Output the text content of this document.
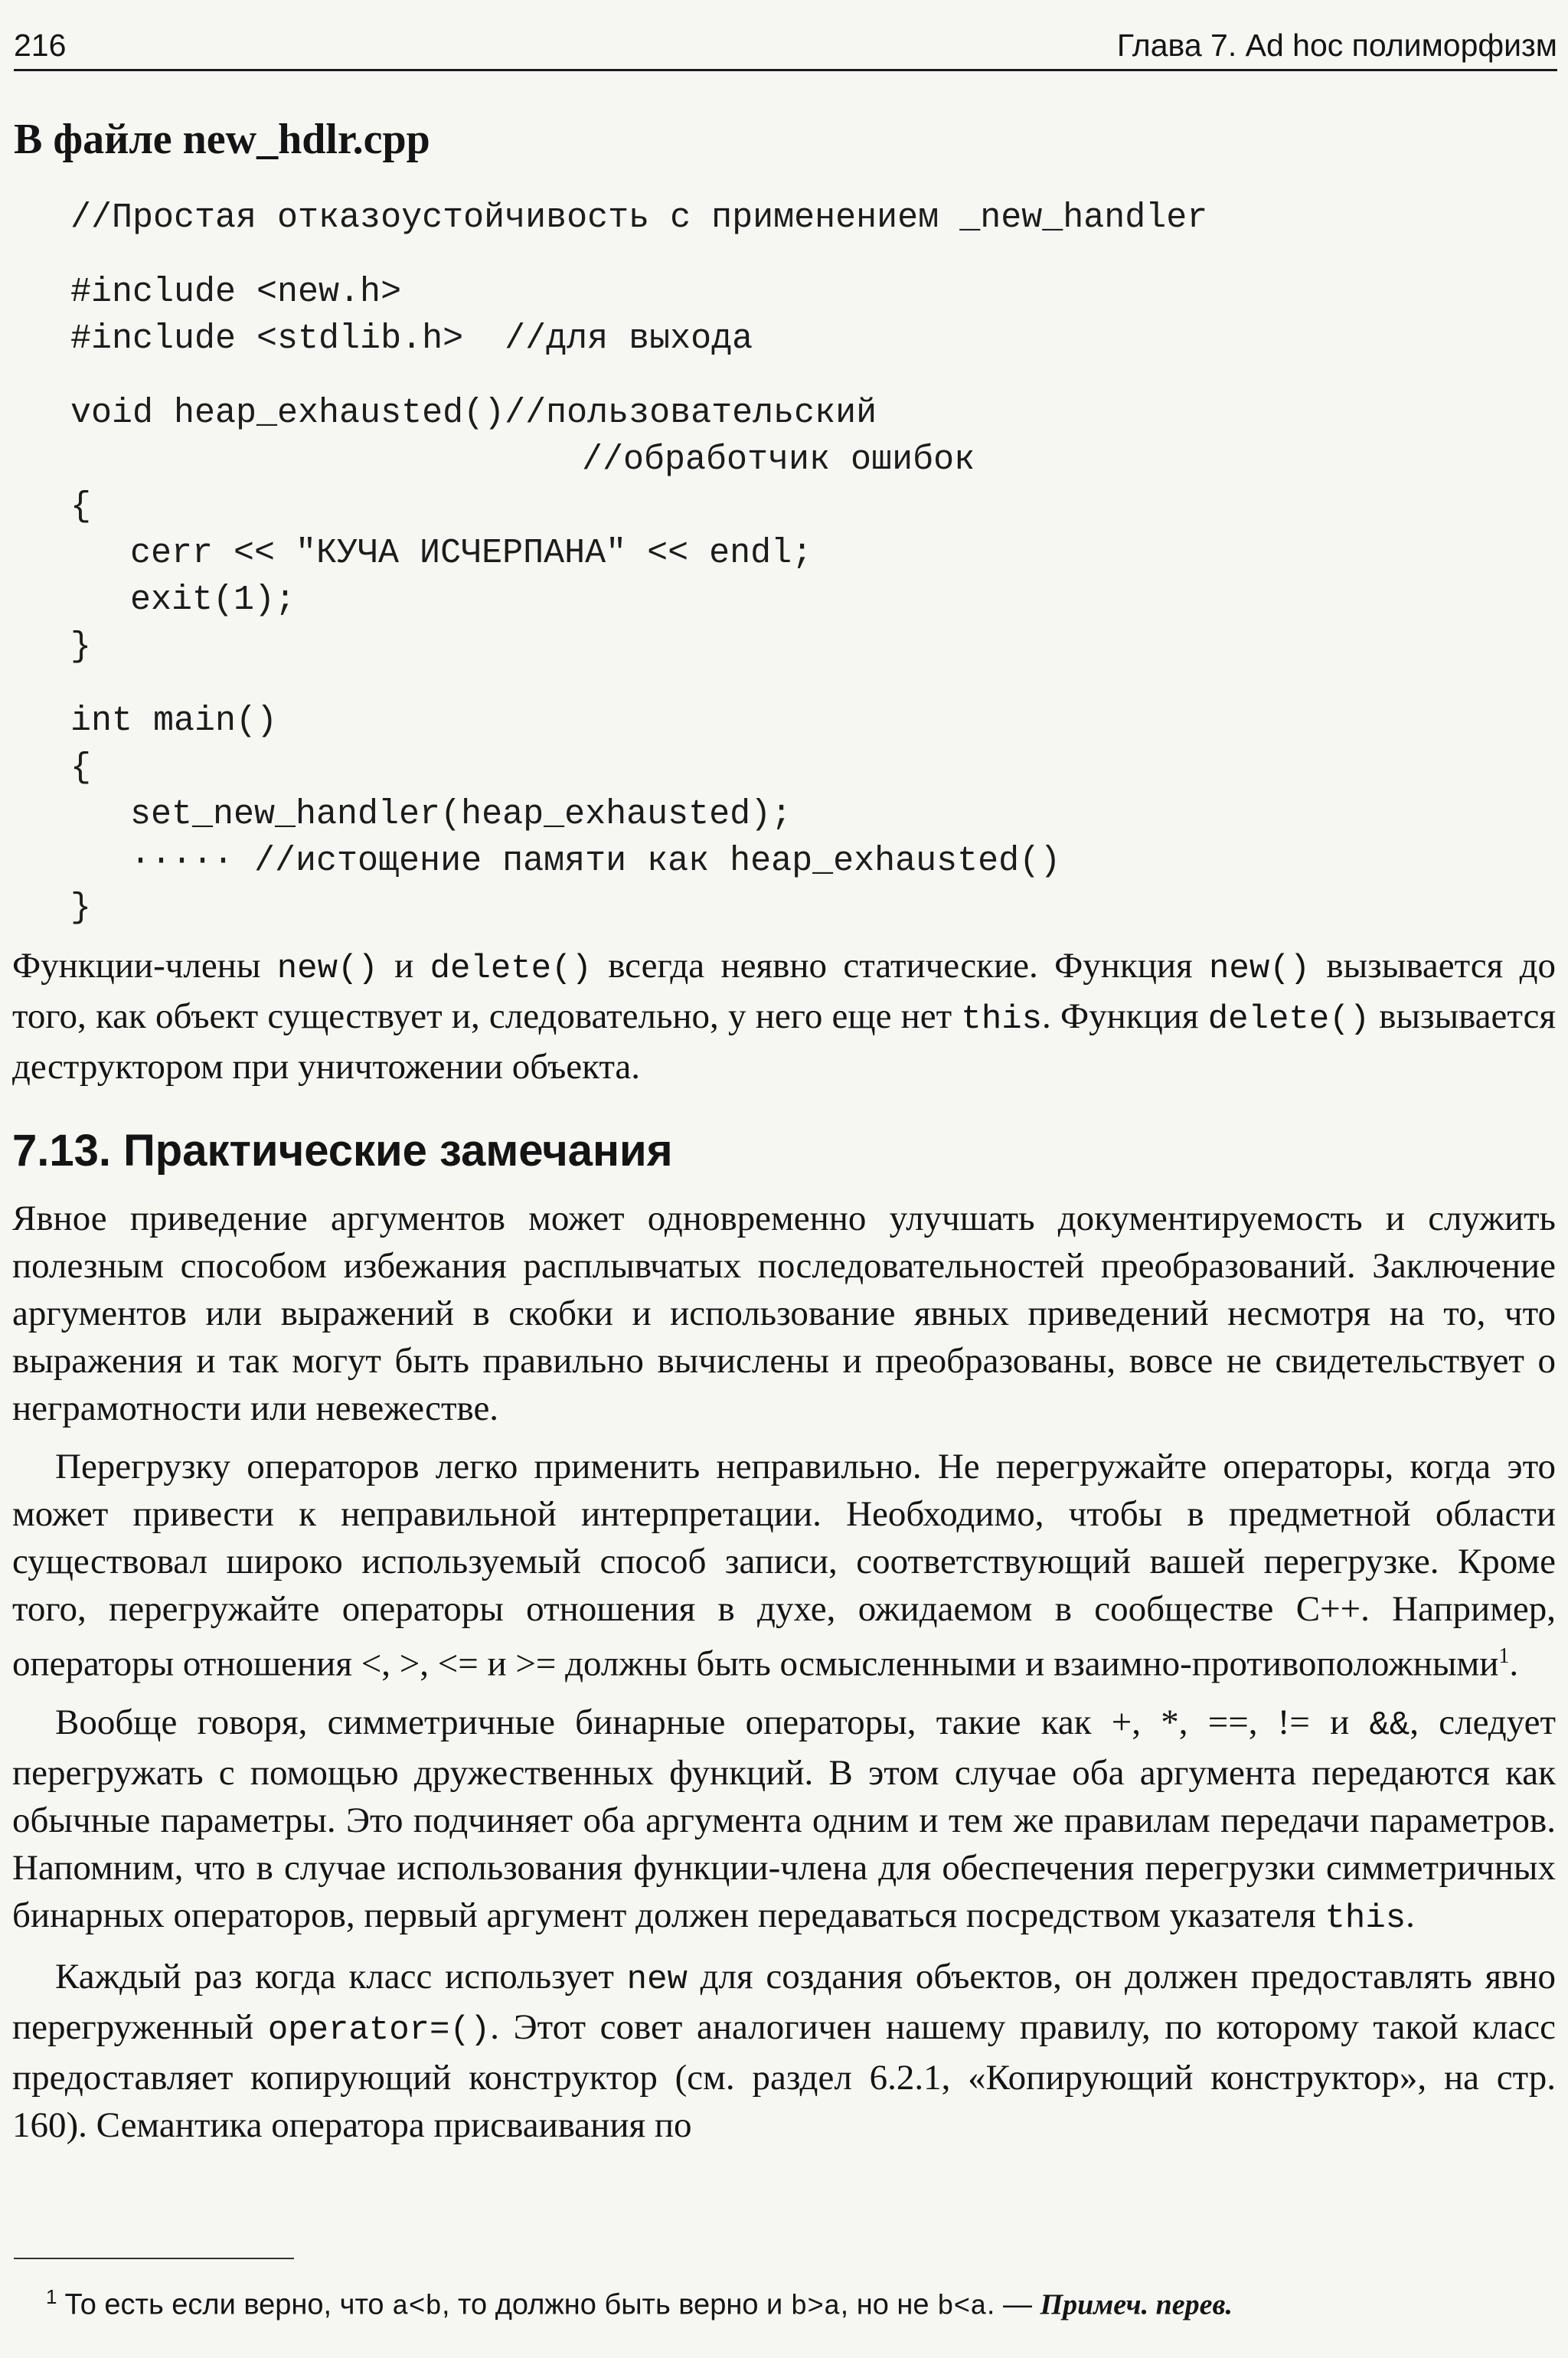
216	Глава 7. Ad hoc полиморфизм
В файле new_hdlr.cpp
//Простая отказоустойчивость с применением _new_handler
#include <new.h>
#include <stdlib.h>  //для выхода
void heap_exhausted()//пользовательский
//обработчик ошибок
{
cerr << "КУЧА ИСЧЕРПАНА" << endl;
exit(1);
}
int main()
{
set_new_handler(heap_exhausted);
····· //истощение памяти как heap_exhausted()
}

Функции-члены new() и delete() всегда неявно статические. Функция new() вызывается до того, как объект существует и, следовательно, у него еще нет this. Функция delete() вызывается деструктором при уничтожении объекта.

7.13. Практические замечания

Явное приведение аргументов может одновременно улучшать документируемость и служить полезным способом избежания расплывчатых последовательностей преобразований. Заключение аргументов или выражений в скобки и использование явных приведений несмотря на то, что выражения и так могут быть правильно вычислены и преобразованы, вовсе не свидетельствует о неграмотности или невежестве.

Перегрузку операторов легко применить неправильно. Не перегружайте операторы, когда это может привести к неправильной интерпретации. Необходимо, чтобы в предметной области существовал широко используемый способ записи, соответствующий вашей перегрузке. Кроме того, перегружайте операторы отношения в духе, ожидаемом в сообществе C++. Например, операторы отношения <, >, <= и >= должны быть осмысленными и взаимно-противоположными$^1$.

Вообще говоря, симметричные бинарные операторы, такие как +, *, ==, != и &&, следует перегружать с помощью дружественных функций. В этом случае оба аргумента передаются как обычные параметры. Это подчиняет оба аргумента одним и тем же правилам передачи параметров. Напомним, что в случае использования функции-члена для обеспечения перегрузки симметричных бинарных операторов, первый аргумент должен передаваться посредством указателя this.

Каждый раз когда класс использует new для создания объектов, он должен предоставлять явно перегруженный operator=(). Этот совет аналогичен нашему правилу, по которому такой класс предоставляет копирующий конструктор (см. раздел 6.2.1, «Копирующий конструктор», на стр. 160). Семантика оператора присваивания по

$^1$ То есть если верно, что a<b, то должно быть верно и b>a, но не b<a. — Примеч. перев.
